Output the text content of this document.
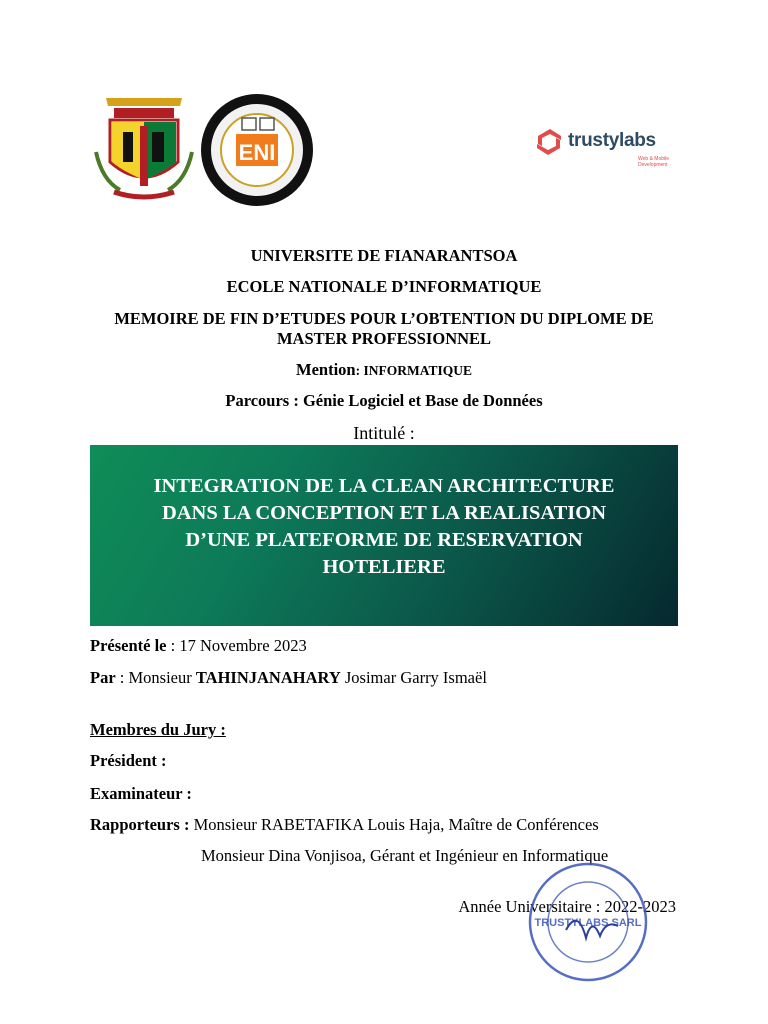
ENI	trustylabs
Web & Mobile Development
UNIVERSITE DE FIANARANTSOA
ECOLE NATIONALE D’INFORMATIQUE
MEMOIRE DE FIN D’ETUDES POUR L’OBTENTION DU DIPLOME DE
MASTER PROFESSIONNEL
Mention: INFORMATIQUE
Parcours : Génie Logiciel et Base de Données
Intitulé :
INTEGRATION DE LA CLEAN ARCHITECTURE
DANS LA CONCEPTION ET LA REALISATION
D’UNE PLATEFORME DE RESERVATION
HOTELIERE
Présenté le : 17 Novembre 2023
Par : Monsieur TAHINJANAHARY Josimar Garry Ismaël
Membres du Jury :
Président :
Examinateur :
Rapporteurs : Monsieur RABETAFIKA Louis Haja, Maître de Conférences
Monsieur Dina Vonjisoa, Gérant et Ingénieur en Informatique
Année Universitaire : 2022-2023
TRUSTYLABS SARL
